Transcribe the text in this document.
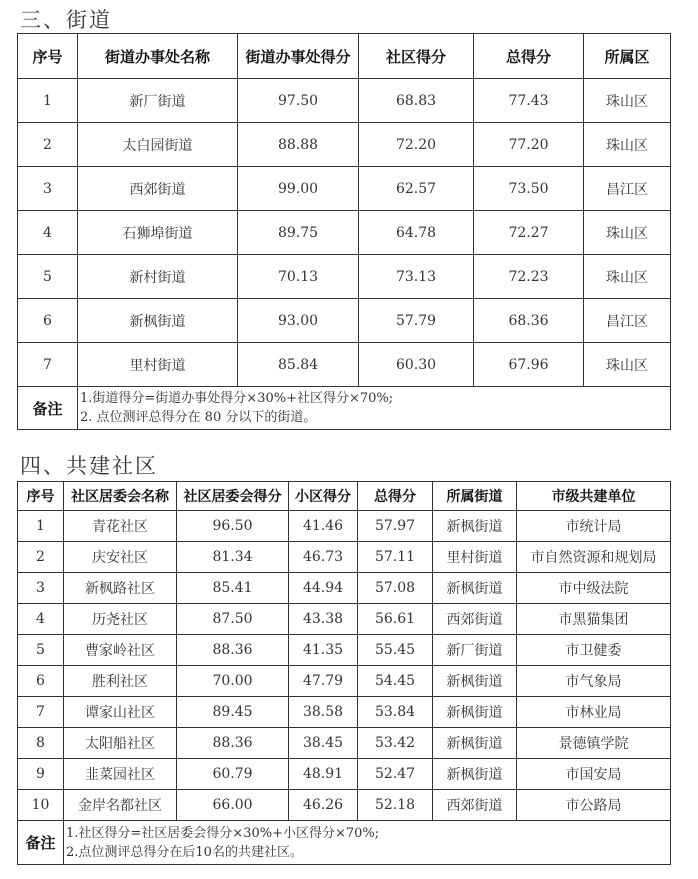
三、街道
序号	街道办事处名称	街道办事处得分	社区得分	总得分	所属区
1	新厂街道	97.50	68.83	77.43	珠山区
2	太白园街道	88.88	72.20	77.20	珠山区
3	西郊街道	99.00	62.57	73.50	昌江区
4	石狮埠街道	89.75	64.78	72.27	珠山区
5	新村街道	70.13	73.13	72.23	珠山区
6	新枫街道	93.00	57.79	68.36	昌江区
7	里村街道	85.84	60.30	67.96	珠山区
备注	1.街道得分=街道办事处得分×30%+社区得分×70%;
2. 点位测评总得分在 80 分以下的街道。				
四、共建社区
序号	社区居委会名称	社区居委会得分	小区得分	总得分	所属街道	市级共建单位
1	青花社区	96.50	41.46	57.97	新枫街道	市统计局
2	庆安社区	81.34	46.73	57.11	里村街道	市自然资源和规划局
3	新枫路社区	85.41	44.94	57.08	新枫街道	市中级法院
4	历尧社区	87.50	43.38	56.61	西郊街道	市黑猫集团
5	曹家岭社区	88.36	41.35	55.45	新厂街道	市卫健委
6	胜利社区	70.00	47.79	54.45	新枫街道	市气象局
7	谭家山社区	89.45	38.58	53.84	新枫街道	市林业局
8	太阳船社区	88.36	38.45	53.42	新枫街道	景德镇学院
9	韭菜园社区	60.79	48.91	52.47	新枫街道	市国安局
10	金岸名都社区	66.00	46.26	52.18	西郊街道	市公路局
备注	1.社区得分=社区居委会得分×30%+小区得分×70%;
2.点位测评总得分在后10名的共建社区。					
